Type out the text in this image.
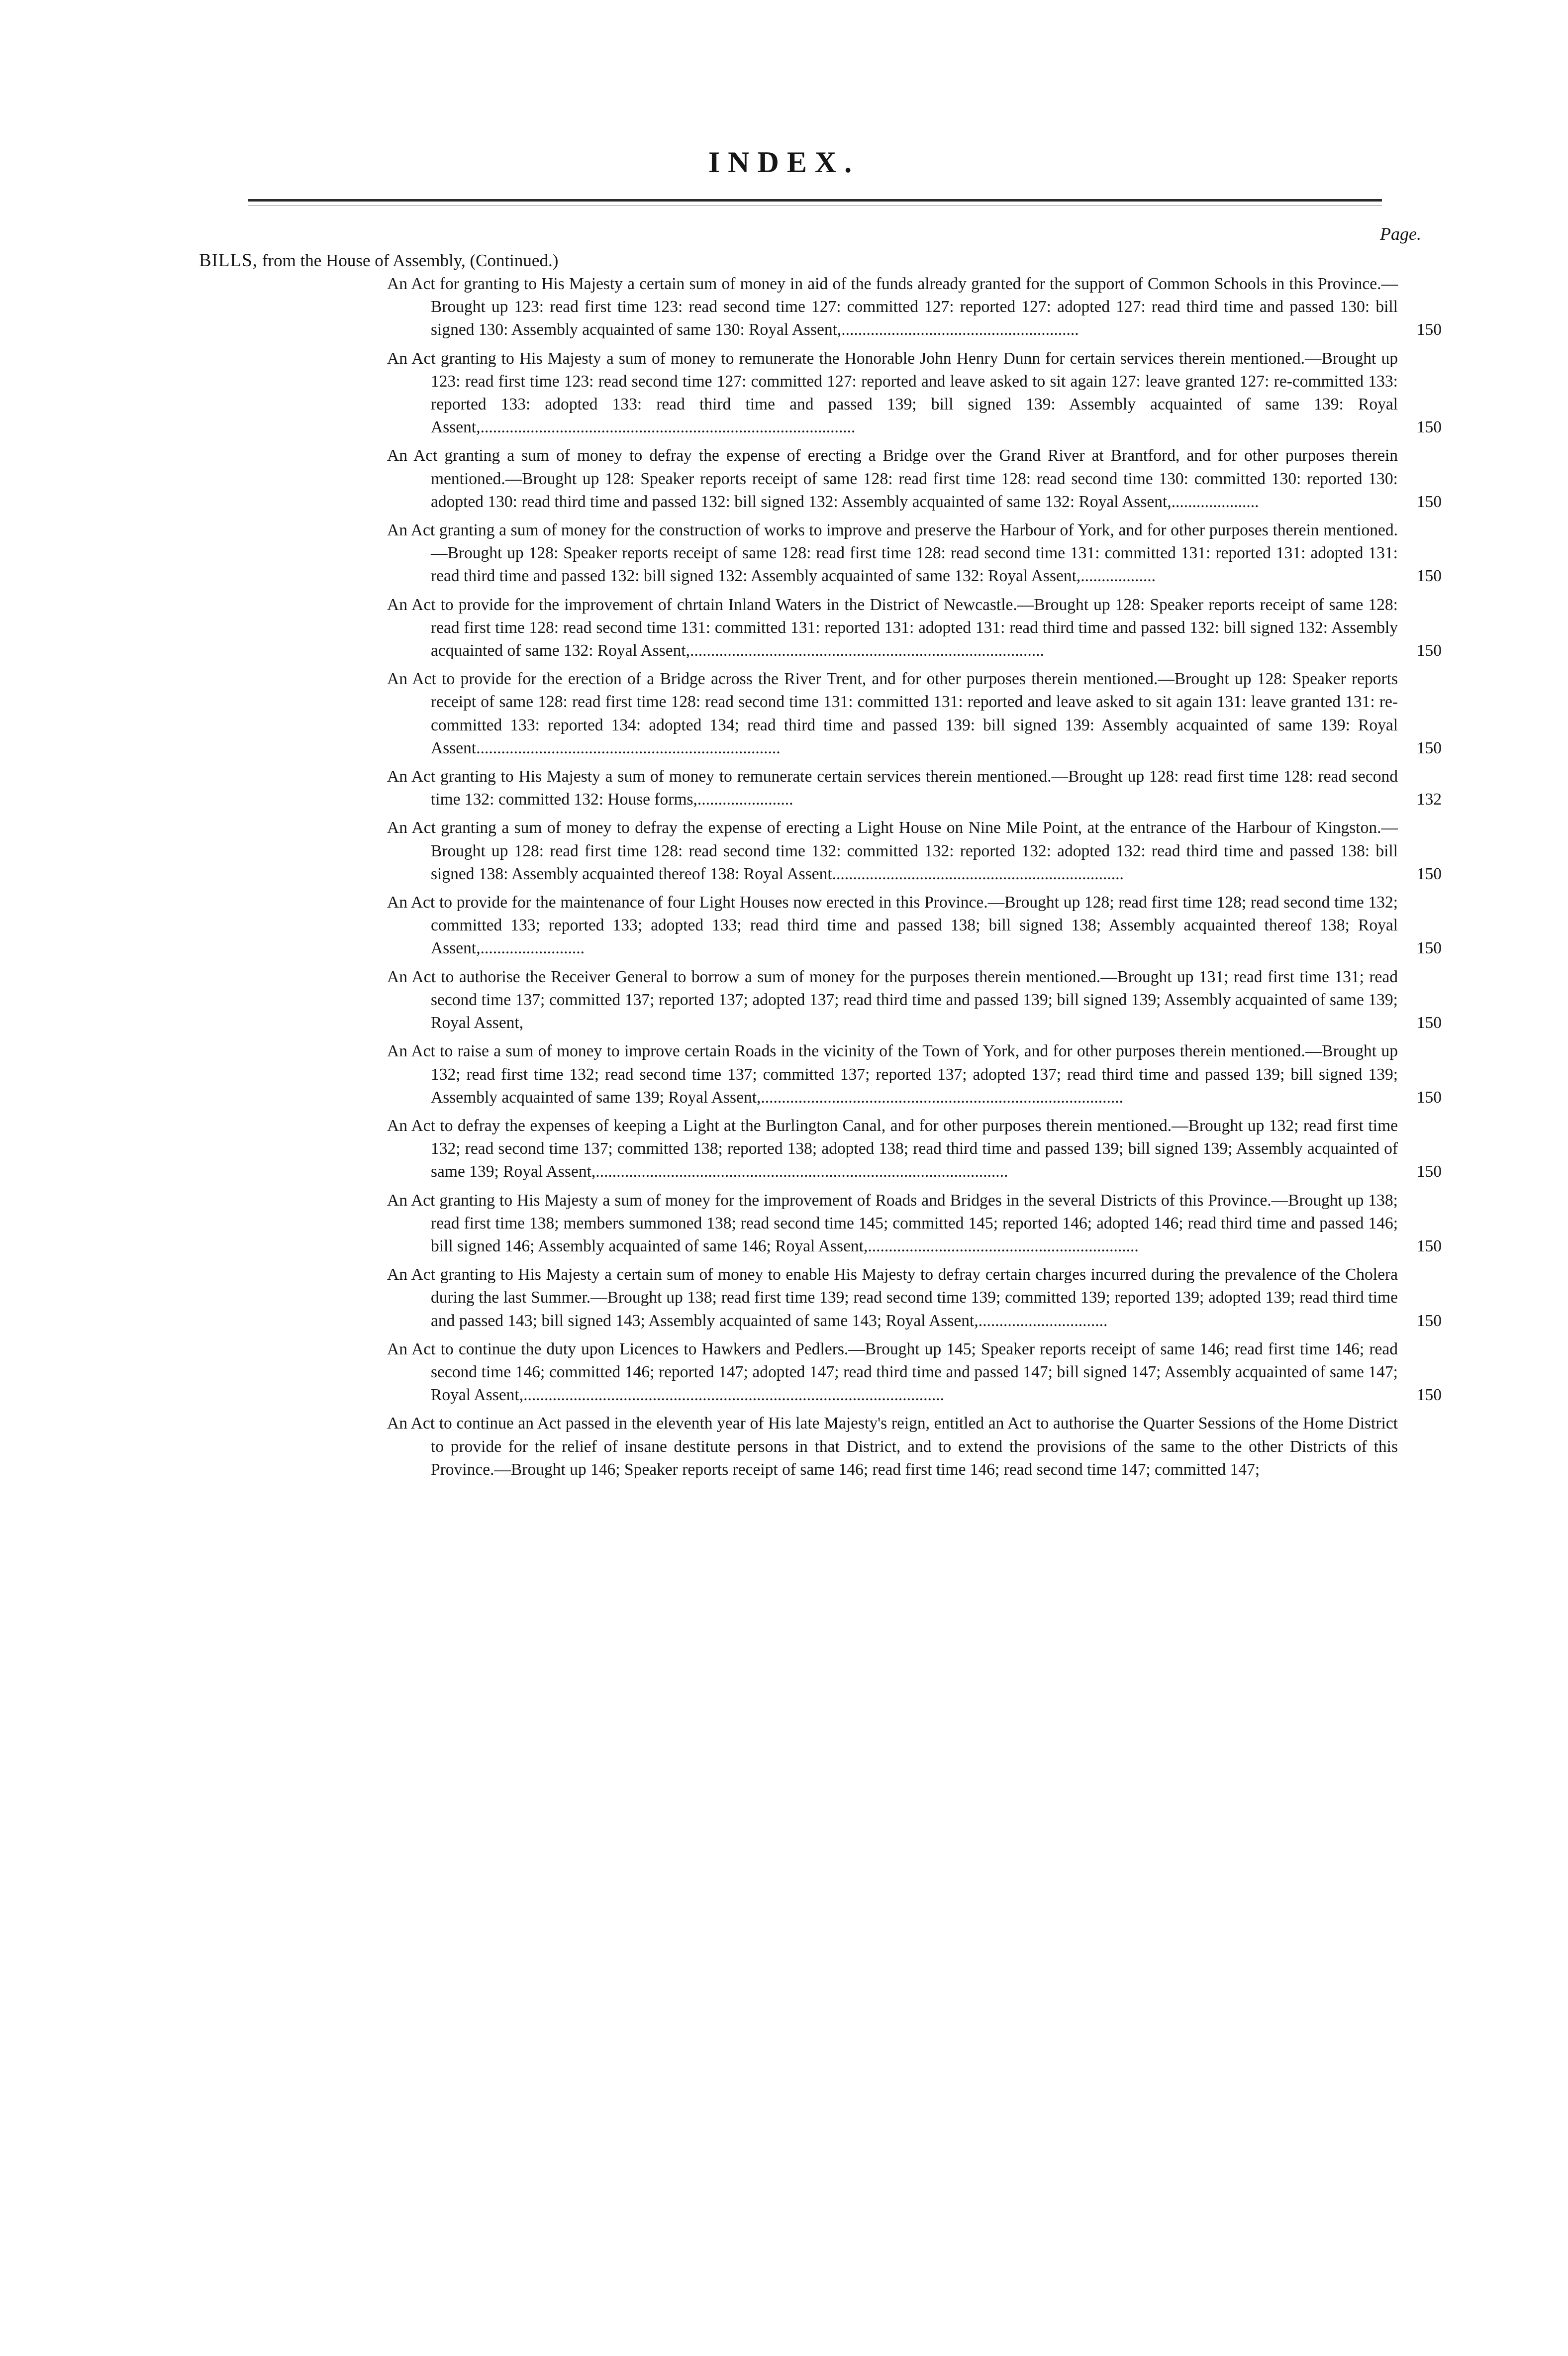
INDEX.
Page.
BILLS, from the House of Assembly, (Continued.)
An Act for granting to His Majesty a certain sum of money in aid of the funds already granted for the support of Common Schools in this Province.—Brought up 123: read first time 123: read second time 127: committed 127: reported 127: adopted 127: read third time and passed 130: bill signed 130: Assembly acquainted of same 130: Royal Assent,.........................................................	150
An Act granting to His Majesty a sum of money to remunerate the Honorable John Henry Dunn for certain services therein mentioned.—Brought up 123: read first time 123: read second time 127: committed 127: reported and leave asked to sit again 127: leave granted 127: re-committed 133: reported 133: adopted 133: read third time and passed 139; bill signed 139: Assembly acquainted of same 139: Royal Assent,..........................................................................................	150
An Act granting a sum of money to defray the expense of erecting a Bridge over the Grand River at Brantford, and for other purposes therein mentioned.—Brought up 128: Speaker reports receipt of same 128: read first time 128: read second time 130: committed 130: reported 130: adopted 130: read third time and passed 132: bill signed 132: Assembly acquainted of same 132: Royal Assent,.....................	150
An Act granting a sum of money for the construction of works to improve and preserve the Harbour of York, and for other purposes therein mentioned.—Brought up 128: Speaker reports receipt of same 128: read first time 128: read second time 131: committed 131: reported 131: adopted 131: read third time and passed 132: bill signed 132: Assembly acquainted of same 132: Royal Assent,..................	150
An Act to provide for the improvement of chrtain Inland Waters in the District of Newcastle.—Brought up 128: Speaker reports receipt of same 128: read first time 128: read second time 131: committed 131: reported 131: adopted 131: read third time and passed 132: bill signed 132: Assembly acquainted of same 132: Royal Assent,.....................................................................................	150
An Act to provide for the erection of a Bridge across the River Trent, and for other purposes therein mentioned.—Brought up 128: Speaker reports receipt of same 128: read first time 128: read second time 131: committed 131: reported and leave asked to sit again 131: leave granted 131: re-committed 133: reported 134: adopted 134; read third time and passed 139: bill signed 139: Assembly acquainted of same 139: Royal Assent.........................................................................	150
An Act granting to His Majesty a sum of money to remunerate certain services therein mentioned.—Brought up 128: read first time 128: read second time 132: committed 132: House forms,.......................	132
An Act granting a sum of money to defray the expense of erecting a Light House on Nine Mile Point, at the entrance of the Harbour of Kingston.—Brought up 128: read first time 128: read second time 132: committed 132: reported 132: adopted 132: read third time and passed 138: bill signed 138: Assembly acquainted thereof 138: Royal Assent......................................................................	150
An Act to provide for the maintenance of four Light Houses now erected in this Province.—Brought up 128; read first time 128; read second time 132; committed 133; reported 133; adopted 133; read third time and passed 138; bill signed 138; Assembly acquainted thereof 138; Royal Assent,.........................	150
An Act to authorise the Receiver General to borrow a sum of money for the purposes therein mentioned.—Brought up 131; read first time 131; read second time 137; committed 137; reported 137; adopted 137; read third time and passed 139; bill signed 139; Assembly acquainted of same 139; Royal Assent,	150
An Act to raise a sum of money to improve certain Roads in the vicinity of the Town of York, and for other purposes therein mentioned.—Brought up 132; read first time 132; read second time 137; committed 137; reported 137; adopted 137; read third time and passed 139; bill signed 139; Assembly acquainted of same 139; Royal Assent,.......................................................................................	150
An Act to defray the expenses of keeping a Light at the Burlington Canal, and for other purposes therein mentioned.—Brought up 132; read first time 132; read second time 137; committed 138; reported 138; adopted 138; read third time and passed 139; bill signed 139; Assembly acquainted of same 139; Royal Assent,...................................................................................................	150
An Act granting to His Majesty a sum of money for the improvement of Roads and Bridges in the several Districts of this Province.—Brought up 138; read first time 138; members summoned 138; read second time 145; committed 145; reported 146; adopted 146; read third time and passed 146; bill signed 146; Assembly acquainted of same 146; Royal Assent,.................................................................	150
An Act granting to His Majesty a certain sum of money to enable His Majesty to defray certain charges incurred during the prevalence of the Cholera during the last Summer.—Brought up 138; read first time 139; read second time 139; committed 139; reported 139; adopted 139; read third time and passed 143; bill signed 143; Assembly acquainted of same 143; Royal Assent,...............................	150
An Act to continue the duty upon Licences to Hawkers and Pedlers.—Brought up 145; Speaker reports receipt of same 146; read first time 146; read second time 146; committed 146; reported 147; adopted 147; read third time and passed 147; bill signed 147; Assembly acquainted of same 147; Royal Assent,.....................................................................................................	150
An Act to continue an Act passed in the eleventh year of His late Majesty's reign, entitled an Act to authorise the Quarter Sessions of the Home District to provide for the relief of insane destitute persons in that District, and to extend the provisions of the same to the other Districts of this Province.—Brought up 146; Speaker reports receipt of same 146; read first time 146; read second time 147; committed 147;
